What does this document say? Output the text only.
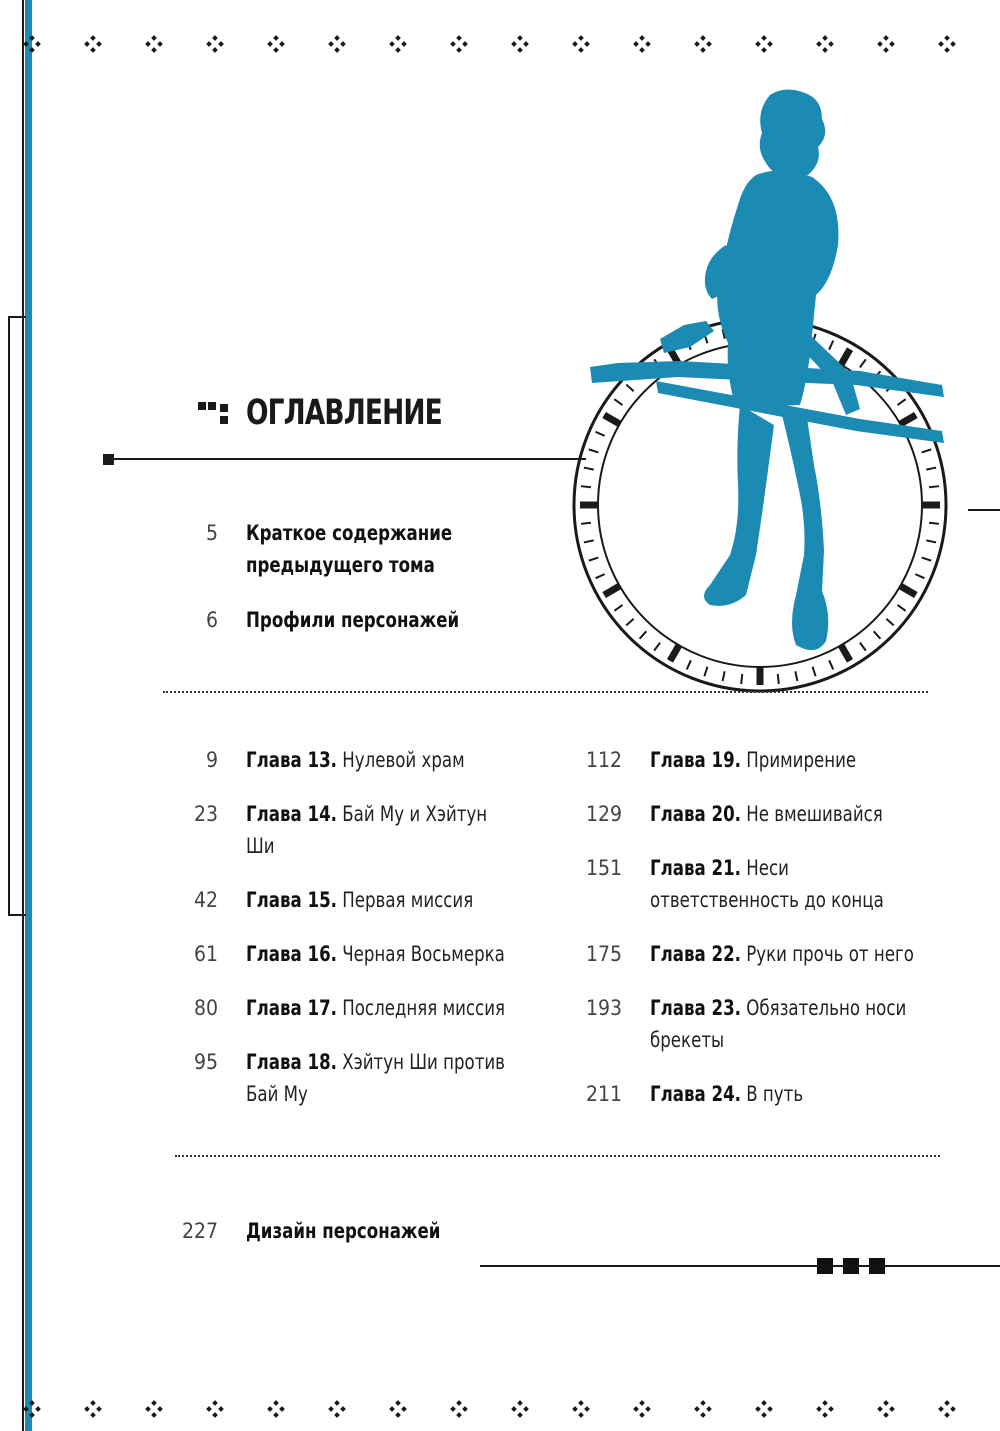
ОГЛАВЛЕНИЕ
5 Краткое содержание
предыдущего тома
6 Профили персонажей
9 Глава 13. Нулевой храм
23 Глава 14. Бай Му и Хэйтун
Ши
42 Глава 15. Первая миссия
61 Глава 16. Черная Восьмерка
80 Глава 17. Последняя миссия
95 Глава 18. Хэйтун Ши против
Бай Му
112 Глава 19. Примирение
129 Глава 20. Не вмешивайся
151 Глава 21. Неси
ответственность до конца
175 Глава 22. Руки прочь от него
193 Глава 23. Обязательно носи
брекеты
211 Глава 24. В путь
227 Дизайн персонажей
